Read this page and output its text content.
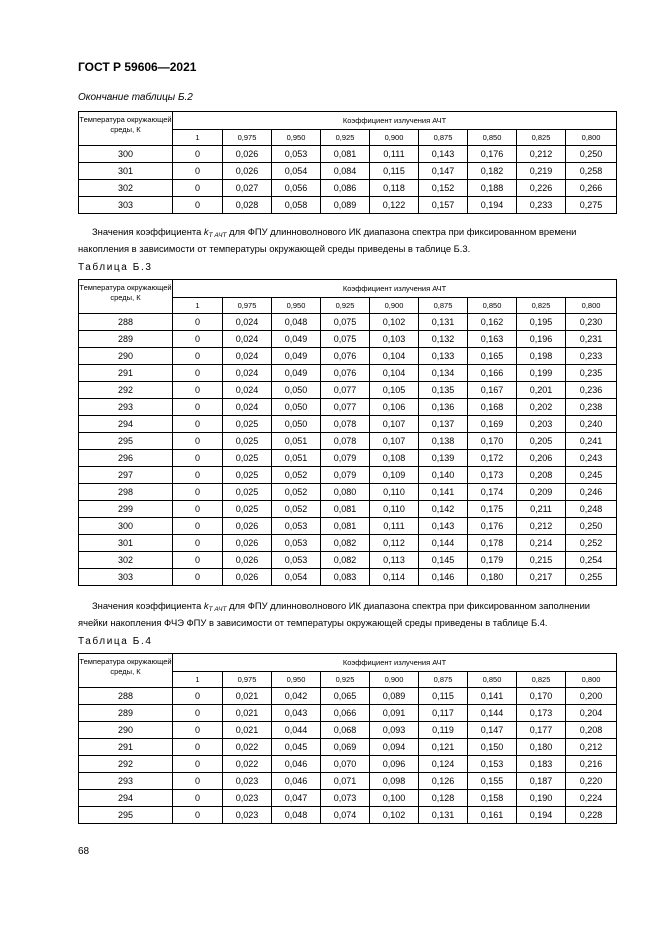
ГОСТ Р 59606—2021
Окончание таблицы Б.2
Температура окружающей среды, К	Коэффициент излучения АЧТ								
	1	0,975	0,950	0,925	0,900	0,875	0,850	0,825	0,800
300	0	0,026	0,053	0,081	0,111	0,143	0,176	0,212	0,250
301	0	0,026	0,054	0,084	0,115	0,147	0,182	0,219	0,258
302	0	0,027	0,056	0,086	0,118	0,152	0,188	0,226	0,266
303	0	0,028	0,058	0,089	0,122	0,157	0,194	0,233	0,275
Значения коэффициента $k_{T АЧТ}$ для ФПУ длинноволнового ИК диапазона спектра при фиксированном времени накопления в зависимости от температуры окружающей среды приведены в таблице Б.3.
Таблица Б.3
Температура окружающей среды, К	Коэффициент излучения АЧТ								
	1	0,975	0,950	0,925	0,900	0,875	0,850	0,825	0,800
288	0	0,024	0,048	0,075	0,102	0,131	0,162	0,195	0,230
289	0	0,024	0,049	0,075	0,103	0,132	0,163	0,196	0,231
290	0	0,024	0,049	0,076	0,104	0,133	0,165	0,198	0,233
291	0	0,024	0,049	0,076	0,104	0,134	0,166	0,199	0,235
292	0	0,024	0,050	0,077	0,105	0,135	0,167	0,201	0,236
293	0	0,024	0,050	0,077	0,106	0,136	0,168	0,202	0,238
294	0	0,025	0,050	0,078	0,107	0,137	0,169	0,203	0,240
295	0	0,025	0,051	0,078	0,107	0,138	0,170	0,205	0,241
296	0	0,025	0,051	0,079	0,108	0,139	0,172	0,206	0,243
297	0	0,025	0,052	0,079	0,109	0,140	0,173	0,208	0,245
298	0	0,025	0,052	0,080	0,110	0,141	0,174	0,209	0,246
299	0	0,025	0,052	0,081	0,110	0,142	0,175	0,211	0,248
300	0	0,026	0,053	0,081	0,111	0,143	0,176	0,212	0,250
301	0	0,026	0,053	0,082	0,112	0,144	0,178	0,214	0,252
302	0	0,026	0,053	0,082	0,113	0,145	0,179	0,215	0,254
303	0	0,026	0,054	0,083	0,114	0,146	0,180	0,217	0,255
Значения коэффициента $k_{T АЧТ}$ для ФПУ длинноволнового ИК диапазона спектра при фиксированном заполнении ячейки накопления ФЧЭ ФПУ в зависимости от температуры окружающей среды приведены в таблице Б.4.
Таблица Б.4
Температура окружающей среды, К	Коэффициент излучения АЧТ								
	1	0,975	0,950	0,925	0,900	0,875	0,850	0,825	0,800
288	0	0,021	0,042	0,065	0,089	0,115	0,141	0,170	0,200
289	0	0,021	0,043	0,066	0,091	0,117	0,144	0,173	0,204
290	0	0,021	0,044	0,068	0,093	0,119	0,147	0,177	0,208
291	0	0,022	0,045	0,069	0,094	0,121	0,150	0,180	0,212
292	0	0,022	0,046	0,070	0,096	0,124	0,153	0,183	0,216
293	0	0,023	0,046	0,071	0,098	0,126	0,155	0,187	0,220
294	0	0,023	0,047	0,073	0,100	0,128	0,158	0,190	0,224
295	0	0,023	0,048	0,074	0,102	0,131	0,161	0,194	0,228
68
